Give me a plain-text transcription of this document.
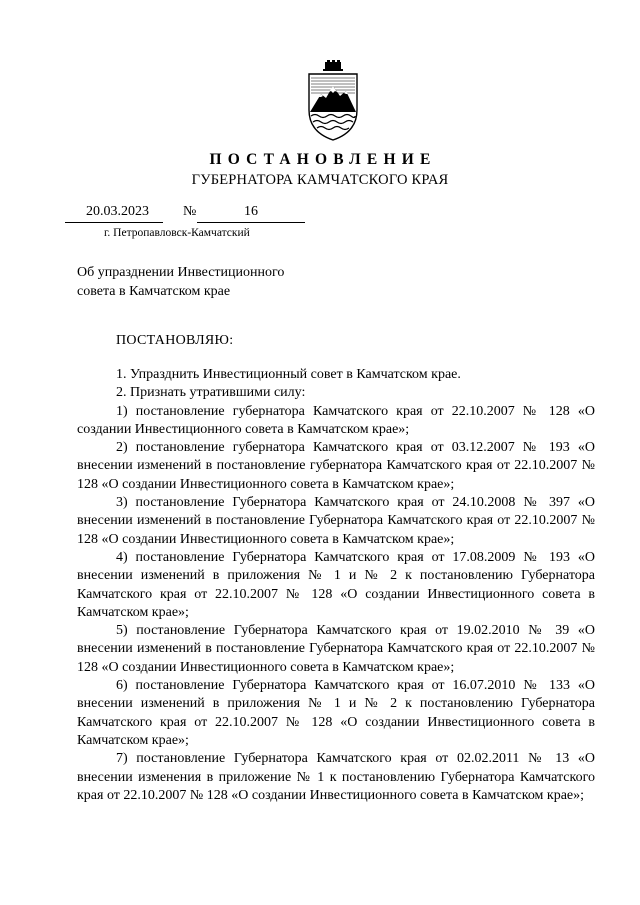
ПОСТАНОВЛЕНИЕ
ГУБЕРНАТОРА КАМЧАТСКОГО КРАЯ
20.03.2023 №	16
г. Петропавловск-Камчатский
Об упразднении Инвестиционного
совета в Камчатском крае
ПОСТАНОВЛЯЮ:

1. Упразднить Инвестиционный совет в Камчатском крае.

2. Признать утратившими силу:

1) постановление губернатора Камчатского края от 22.10.2007 № 128 «О создании Инвестиционного совета в Камчатском крае»;

2) постановление губернатора Камчатского края от 03.12.2007 № 193 «О внесении изменений в постановление губернатора Камчатского края от 22.10.2007 № 128 «О создании Инвестиционного совета в Камчатском крае»;

3) постановление Губернатора Камчатского края от 24.10.2008 № 397 «О внесении изменений в постановление Губернатора Камчатского края от 22.10.2007 № 128 «О создании Инвестиционного совета в Камчатском крае»;

4) постановление Губернатора Камчатского края от 17.08.2009 № 193 «О внесении изменений в приложения № 1 и № 2 к постановлению Губернатора Камчатского края от 22.10.2007 № 128 «О создании Инвестиционного совета в Камчатском крае»;

5) постановление Губернатора Камчатского края от 19.02.2010 № 39 «О внесении изменений в постановление Губернатора Камчатского края от 22.10.2007 № 128 «О создании Инвестиционного совета в Камчатском крае»;

6) постановление Губернатора Камчатского края от 16.07.2010 № 133 «О внесении изменений в приложения № 1 и № 2 к постановлению Губернатора Камчатского края от 22.10.2007 № 128 «О создании Инвестиционного совета в Камчатском крае»;

7) постановление Губернатора Камчатского края от 02.02.2011 № 13 «О внесении изменения в приложение № 1 к постановлению Губернатора Камчатского края от 22.10.2007 № 128 «О создании Инвестиционного совета в Камчатском крае»;
